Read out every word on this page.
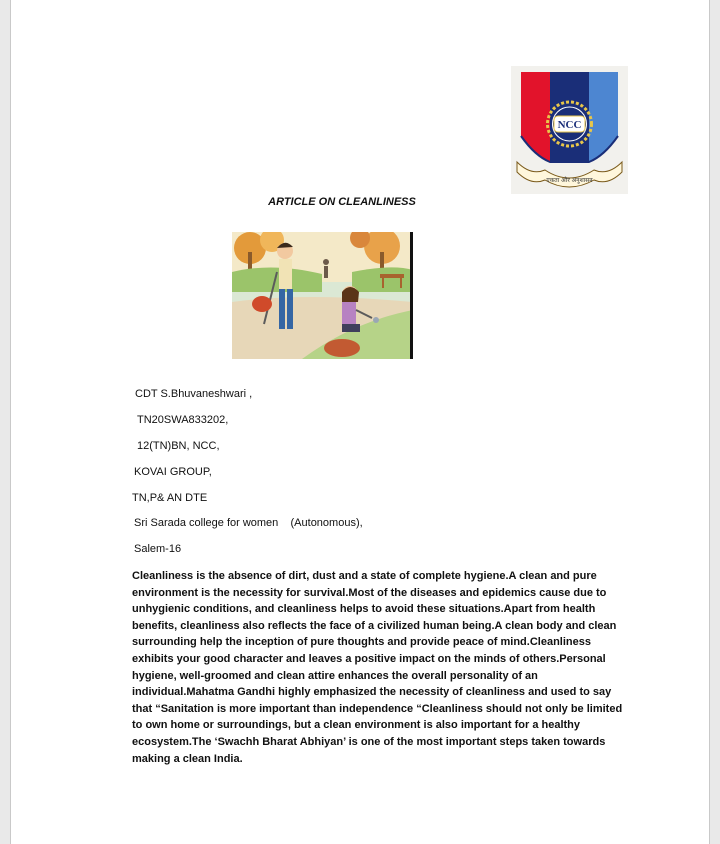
NCC
एकता और अनुशासन
ARTICLE ON CLEANLINESS
CDT S.Bhuvaneshwari ,
TN20SWA833202,
12(TN)BN, NCC,
KOVAI GROUP,
TN,P& AN DTE
Sri Sarada college for women    (Autonomous),
Salem-16
Cleanliness is the absence of dirt, dust and a state of complete hygiene.A clean and pure environment is the necessity for survival.Most of the diseases and epidemics cause due to unhygienic conditions, and cleanliness helps to avoid these situations.Apart from health benefits, cleanliness also reflects the face of a civilized human being.A clean body and clean surrounding help the inception of pure thoughts and provide peace of mind.Cleanliness exhibits your good character and leaves a positive impact on the minds of others.Personal hygiene, well-groomed and clean attire enhances the overall personality of an individual.Mahatma Gandhi highly emphasized the necessity of cleanliness and used to say that “Sanitation is more important than independence “Cleanliness should not only be limited to own home or surroundings, but a clean environment is also important for a healthy ecosystem.The ‘Swachh Bharat Abhiyan’ is one of the most important steps taken towards making a clean India.
